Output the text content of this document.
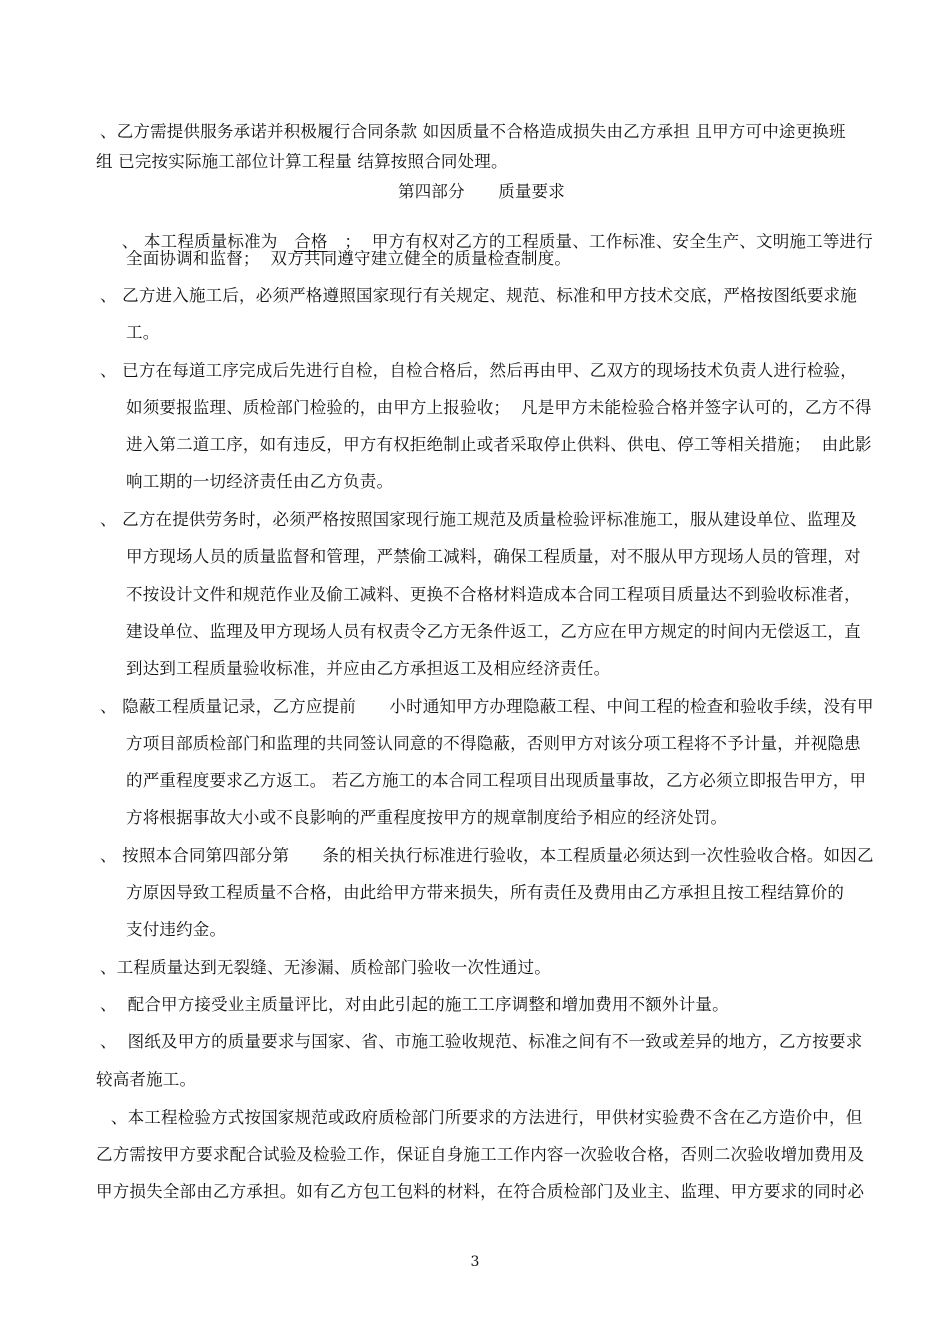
、乙方需提供服务承诺并积极履行合同条款 如因质量不合格造成损失由乙方承担 且甲方可中途更换班
组 已完按实际施工部位计算工程量 结算按照合同处理。
第四部分　　质量要求

、 本工程质量标准为　合格　；  甲方有权对乙方的工程质量、工作标准、安全生产、文明施工等进行

全面协调和监督；  双方共同遵守建立健全的质量检查制度。
、 乙方进入施工后，必须严格遵照国家现行有关规定、规范、标准和甲方技术交底，严格按图纸要求施
工。
、 已方在每道工序完成后先进行自检，自检合格后，然后再由甲、乙双方的现场技术负责人进行检验，
如须要报监理、质检部门检验的，由甲方上报验收；  凡是甲方未能检验合格并签字认可的，乙方不得
进入第二道工序，如有违反，甲方有权拒绝制止或者采取停止供料、供电、停工等相关措施；  由此影
响工期的一切经济责任由乙方负责。
、 乙方在提供劳务时，必须严格按照国家现行施工规范及质量检验评标准施工，服从建设单位、监理及
甲方现场人员的质量监督和管理，严禁偷工减料，确保工程质量，对不服从甲方现场人员的管理，对
不按设计文件和规范作业及偷工减料、更换不合格材料造成本合同工程项目质量达不到验收标准者，
建设单位、监理及甲方现场人员有权责令乙方无条件返工，乙方应在甲方规定的时间内无偿返工，直
到达到工程质量验收标准，并应由乙方承担返工及相应经济责任。
、 隐蔽工程质量记录，乙方应提前　　小时通知甲方办理隐蔽工程、中间工程的检查和验收手续，没有甲
方项目部质检部门和监理的共同签认同意的不得隐蔽，否则甲方对该分项工程将不予计量，并视隐患
的严重程度要求乙方返工。 若乙方施工的本合同工程项目出现质量事故，乙方必须立即报告甲方，甲
方将根据事故大小或不良影响的严重程度按甲方的规章制度给予相应的经济处罚。
、 按照本合同第四部分第　　条的相关执行标准进行验收，本工程质量必须达到一次性验收合格。如因乙
方原因导致工程质量不合格，由此给甲方带来损失，所有责任及费用由乙方承担且按工程结算价的
支付违约金。
、工程质量达到无裂缝、无渗漏、质检部门验收一次性通过。
、  配合甲方接受业主质量评比，对由此引起的施工工序调整和增加费用不额外计量。
、  图纸及甲方的质量要求与国家、省、市施工验收规范、标准之间有不一致或差异的地方，乙方按要求
较高者施工。
、本工程检验方式按国家规范或政府质检部门所要求的方法进行，甲供材实验费不含在乙方造价中，但
乙方需按甲方要求配合试验及检验工作，保证自身施工工作内容一次验收合格，否则二次验收增加费用及
甲方损失全部由乙方承担。如有乙方包工包料的材料，在符合质检部门及业主、监理、甲方要求的同时必
3
